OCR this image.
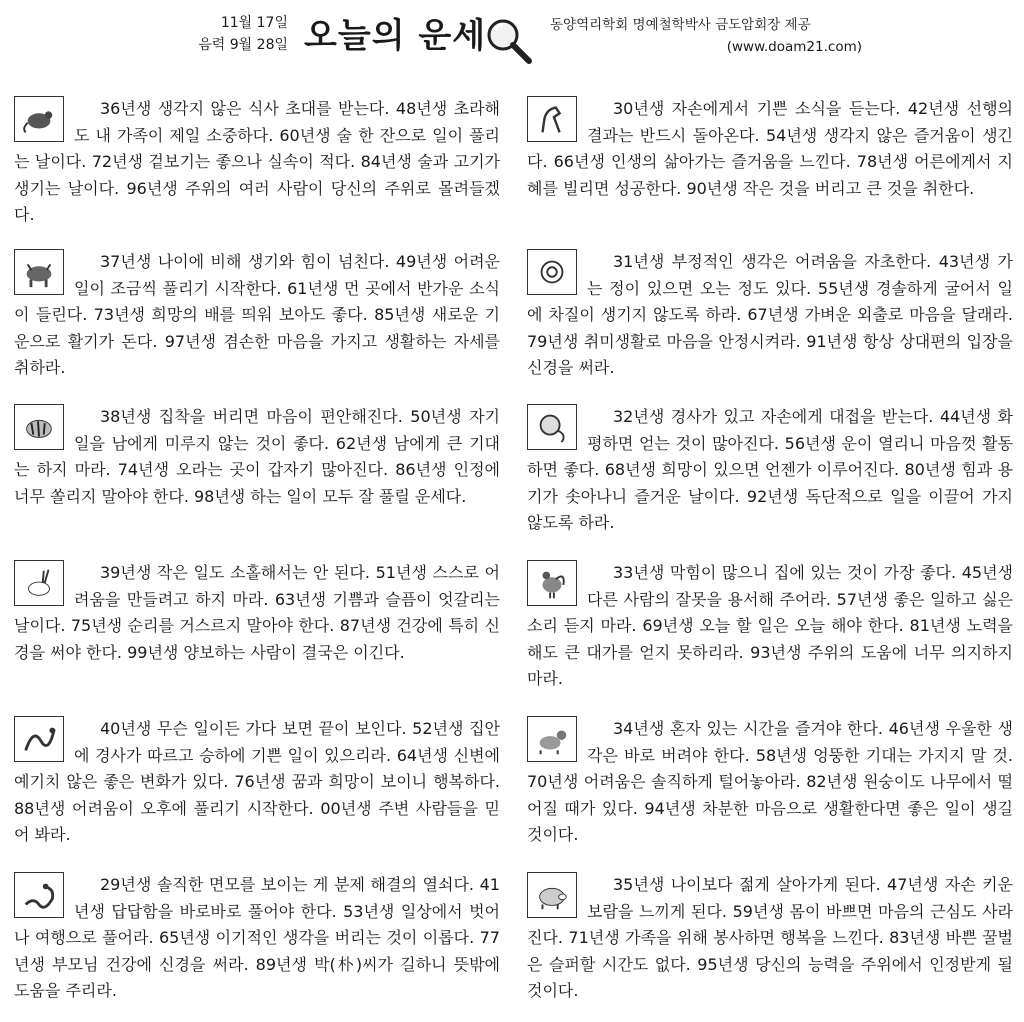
11월 17일
음력 9월 28일 오늘의 운세	동양역리학회 명예철학박사 금도암회장 제공
(www.doam21.com)
36년생 생각지 않은 식사 초대를 받는다. 48년생 초라해도 내 가족이 제일 소중하다. 60년생 술 한 잔으로 일이 풀리는 날이다. 72년생 겉보기는 좋으나 실속이 적다. 84년생 술과 고기가 생기는 날이다. 96년생 주위의 여러 사람이 당신의 주위로 몰려들겠다.
37년생 나이에 비해 생기와 힘이 넘친다. 49년생 어려운 일이 조금씩 풀리기 시작한다. 61년생 먼 곳에서 반가운 소식이 들린다. 73년생 희망의 배를 띄워 보아도 좋다. 85년생 새로운 기운으로 활기가 돈다. 97년생 겸손한 마음을 가지고 생활하는 자세를 취하라.
38년생 집착을 버리면 마음이 편안해진다. 50년생 자기 일을 남에게 미루지 않는 것이 좋다. 62년생 남에게 큰 기대는 하지 마라. 74년생 오라는 곳이 갑자기 많아진다. 86년생 인정에 너무 쏠리지 말아야 한다. 98년생 하는 일이 모두 잘 풀릴 운세다.
39년생 작은 일도 소홀해서는 안 된다. 51년생 스스로 어려움을 만들려고 하지 마라. 63년생 기쁨과 슬픔이 엇갈리는 날이다. 75년생 순리를 거스르지 말아야 한다. 87년생 건강에 특히 신경을 써야 한다. 99년생 양보하는 사람이 결국은 이긴다.
40년생 무슨 일이든 가다 보면 끝이 보인다. 52년생 집안에 경사가 따르고 승하에 기쁜 일이 있으리라. 64년생 신변에 예기치 않은 좋은 변화가 있다. 76년생 꿈과 희망이 보이니 행복하다. 88년생 어려움이 오후에 풀리기 시작한다. 00년생 주변 사람들을 믿어 봐라.
29년생 솔직한 면모를 보이는 게 분제 해결의 열쇠다. 41년생 답답함을 바로바로 풀어야 한다. 53년생 일상에서 벗어나 여행으로 풀어라. 65년생 이기적인 생각을 버리는 것이 이롭다. 77년생 부모님 건강에 신경을 써라. 89년생 박(朴)씨가 길하니 뜻밖에 도움을 주리라.
30년생 자손에게서 기쁜 소식을 듣는다. 42년생 선행의 결과는 반드시 돌아온다. 54년생 생각지 않은 즐거움이 생긴다. 66년생 인생의 삶아가는 즐거움을 느낀다. 78년생 어른에게서 지혜를 빌리면 성공한다. 90년생 작은 것을 버리고 큰 것을 취한다.
31년생 부정적인 생각은 어려움을 자초한다. 43년생 가는 정이 있으면 오는 정도 있다. 55년생 경솔하게 굴어서 일에 차질이 생기지 않도록 하라. 67년생 가벼운 외출로 마음을 달래라. 79년생 취미생활로 마음을 안정시켜라. 91년생 항상 상대편의 입장을 신경을 써라.
32년생 경사가 있고 자손에게 대접을 받는다. 44년생 화평하면 얻는 것이 많아진다. 56년생 운이 열리니 마음껏 활동하면 좋다. 68년생 희망이 있으면 언젠가 이루어진다. 80년생 힘과 용기가 솟아나니 즐거운 날이다. 92년생 독단적으로 일을 이끌어 가지 않도록 하라.
33년생 막힘이 많으니 집에 있는 것이 가장 좋다. 45년생 다른 사람의 잘못을 용서해 주어라. 57년생 좋은 일하고 싫은 소리 듣지 마라. 69년생 오늘 할 일은 오늘 해야 한다. 81년생 노력을 해도 큰 대가를 얻지 못하리라. 93년생 주위의 도움에 너무 의지하지 마라.
34년생 혼자 있는 시간을 즐겨야 한다. 46년생 우울한 생각은 바로 버려야 한다. 58년생 엉뚱한 기대는 가지지 말 것. 70년생 어려움은 솔직하게 털어놓아라. 82년생 원숭이도 나무에서 떨어질 때가 있다. 94년생 차분한 마음으로 생활한다면 좋은 일이 생길 것이다.
35년생 나이보다 젊게 살아가게 된다. 47년생 자손 키운 보람을 느끼게 된다. 59년생 몸이 바쁘면 마음의 근심도 사라진다. 71년생 가족을 위해 봉사하면 행복을 느낀다. 83년생 바쁜 꿀벌은 슬퍼할 시간도 없다. 95년생 당신의 능력을 주위에서 인정받게 될 것이다.
